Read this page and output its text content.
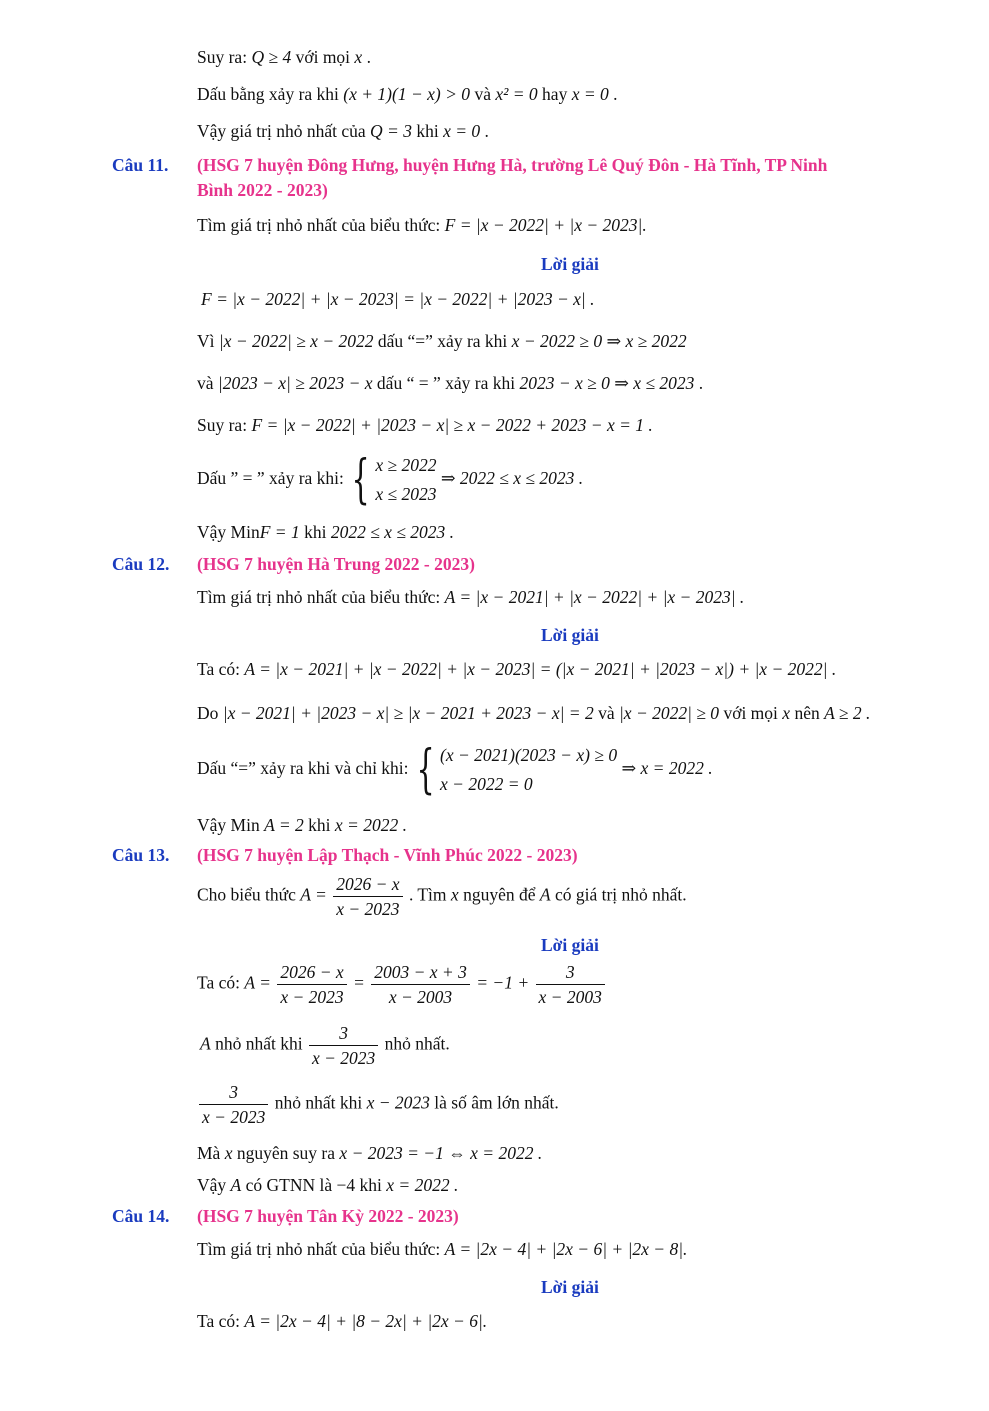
Suy ra: Q ≥ 4 với mọi x .
Dấu bằng xảy ra khi (x + 1)(1 − x) > 0 và x² = 0 hay x = 0 .
Vậy giá trị nhỏ nhất của Q = 3 khi x = 0 .
Câu 11. (HSG 7 huyện Đông Hưng, huyện Hưng Hà, trường Lê Quý Đôn - Hà Tĩnh, TP Ninh
Bình 2022 - 2023)
Tìm giá trị nhỏ nhất của biểu thức: F = |x − 2022| + |x − 2023|.
Lời giải
F = |x − 2022| + |x − 2023| = |x − 2022| + |2023 − x| .
Vì |x − 2022| ≥ x − 2022 dấu “=” xảy ra khi x − 2022 ≥ 0 ⇒ x ≥ 2022
và |2023 − x| ≥ 2023 − x dấu “ = ” xảy ra khi 2023 − x ≥ 0 ⇒ x ≤ 2023 .
Suy ra: F = |x − 2022| + |2023 − x| ≥ x − 2022 + 2023 − x = 1 .
Dấu ” = ” xảy ra khi: { x ≥ 2022
x ≤ 2023
⇒ 2022 ≤ x ≤ 2023 .
Vậy MinF = 1 khi 2022 ≤ x ≤ 2023 .
Câu 12. (HSG 7 huyện Hà Trung 2022 - 2023)
Tìm giá trị nhỏ nhất của biểu thức: A = |x − 2021| + |x − 2022| + |x − 2023| .
Lời giải
Ta có: A = |x − 2021| + |x − 2022| + |x − 2023| = (|x − 2021| + |2023 − x|) + |x − 2022| .
Do |x − 2021| + |2023 − x| ≥ |x − 2021 + 2023 − x| = 2 và |x − 2022| ≥ 0 với mọi x nên A ≥ 2 .
Dấu “=” xảy ra khi và chỉ khi: { (x − 2021)(2023 − x) ≥ 0
x − 2022 = 0
⇒ x = 2022 .
Vậy Min A = 2 khi x = 2022 .
Câu 13. (HSG 7 huyện Lập Thạch - Vĩnh Phúc 2022 - 2023)
Cho biểu thức $A = \frac{2026 - x}{x - 2023}$ . Tìm x nguyên để A có giá trị nhỏ nhất.
Lời giải
Ta có: $A = \frac{2026 - x}{x - 2023} = \frac{2003 - x + 3}{x - 2003} = -1 + \frac{3}{x - 2003}$
A nhỏ nhất khi $\frac{3}{x - 2023}$ nhỏ nhất.
$\frac{3}{x - 2023}$ nhỏ nhất khi x − 2023 là số âm lớn nhất.
Mà x nguyên suy ra x − 2023 = −1 ⇔ x = 2022 .
Vậy A có GTNN là −4 khi x = 2022 .
Câu 14. (HSG 7 huyện Tân Kỳ 2022 - 2023)
Tìm giá trị nhỏ nhất của biểu thức: A = |2x − 4| + |2x − 6| + |2x − 8|.
Lời giải
Ta có: A = |2x − 4| + |8 − 2x| + |2x − 6|.
